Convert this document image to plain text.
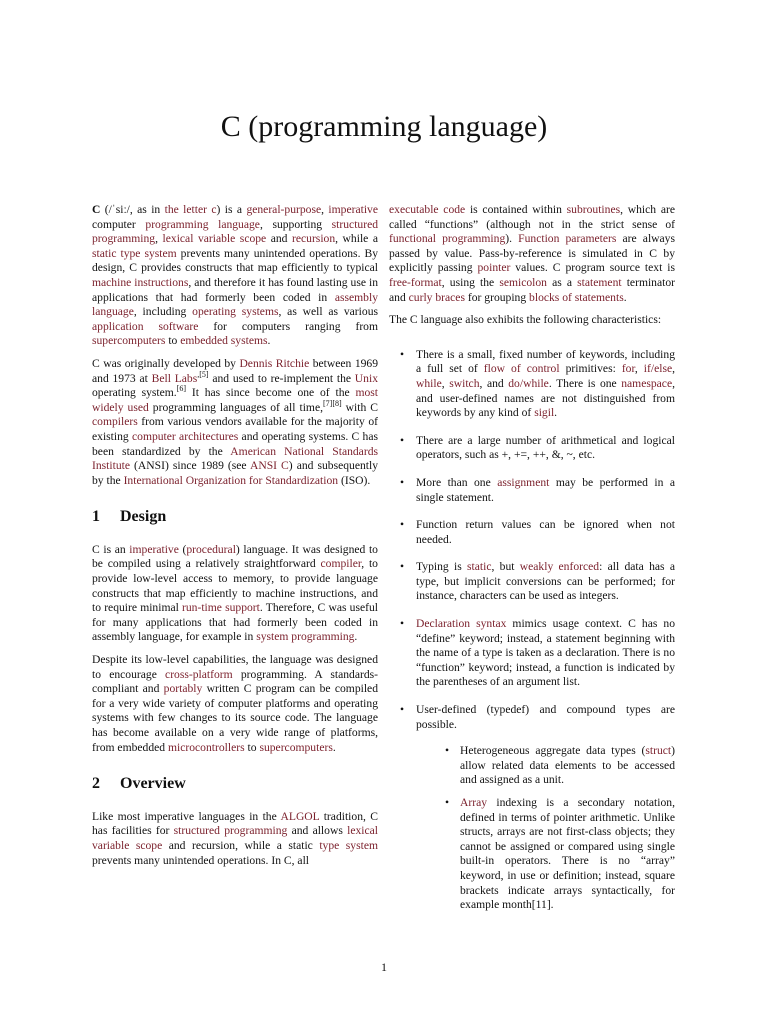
C (programming language)

C (/ˈsiː/, as in the letter c) is a general-purpose, imperative computer programming language, supporting structured programming, lexical variable scope and recursion, while a static type system prevents many unintended operations. By design, C provides constructs that map efficiently to typical machine instructions, and therefore it has found lasting use in applications that had formerly been coded in assembly language, including operating systems, as well as various application software for computers ranging from supercomputers to embedded systems.

C was originally developed by Dennis Ritchie between 1969 and 1973 at Bell Labs$^{,[5]}$ and used to re-implement the Unix operating system.[6] It has since become one of the most widely used programming languages of all time,[7][8] with C compilers from various vendors available for the majority of existing computer architectures and operating systems. C has been standardized by the American National Standards Institute (ANSI) since 1989 (see ANSI C) and subsequently by the International Organization for Standardization (ISO).

1 Design

C is an imperative (procedural) language. It was designed to be compiled using a relatively straightforward compiler, to provide low-level access to memory, to provide language constructs that map efficiently to machine instructions, and to require minimal run-time support. Therefore, C was useful for many applications that had formerly been coded in assembly language, for example in system programming.

Despite its low-level capabilities, the language was designed to encourage cross-platform programming. A standards-compliant and portably written C program can be compiled for a very wide variety of computer platforms and operating systems with few changes to its source code. The language has become available on a very wide range of platforms, from embedded microcontrollers to supercomputers.

2 Overview

Like most imperative languages in the ALGOL tradition, C has facilities for structured programming and allows lexical variable scope and recursion, while a static type system prevents many unintended operations. In C, all

executable code is contained within subroutines, which are called “functions” (although not in the strict sense of functional programming). Function parameters are always passed by value. Pass-by-reference is simulated in C by explicitly passing pointer values. C program source text is free-format, using the semicolon as a statement terminator and curly braces for grouping blocks of statements.

The C language also exhibits the following characteristics:

• There is a small, fixed number of keywords, including a full set of flow of control primitives: for, if/else, while, switch, and do/while. There is one namespace, and user-defined names are not distinguished from keywords by any kind of sigil.
• There are a large number of arithmetical and logical operators, such as +, +=, ++, &, ~, etc.
• More than one assignment may be performed in a single statement.
• Function return values can be ignored when not needed.
• Typing is static, but weakly enforced: all data has a type, but implicit conversions can be performed; for instance, characters can be used as integers.
• Declaration syntax mimics usage context. C has no “define” keyword; instead, a statement beginning with the name of a type is taken as a declaration. There is no “function” keyword; instead, a function is indicated by the parentheses of an argument list.
• User-defined (typedef) and compound types are possible.
• Heterogeneous aggregate data types (struct) allow related data elements to be accessed and assigned as a unit.
• Array indexing is a secondary notation, defined in terms of pointer arithmetic. Unlike structs, arrays are not first-class objects; they cannot be assigned or compared using single built-in operators. There is no “array” keyword, in use or definition; instead, square brackets indicate arrays syntactically, for example month[11].
1
